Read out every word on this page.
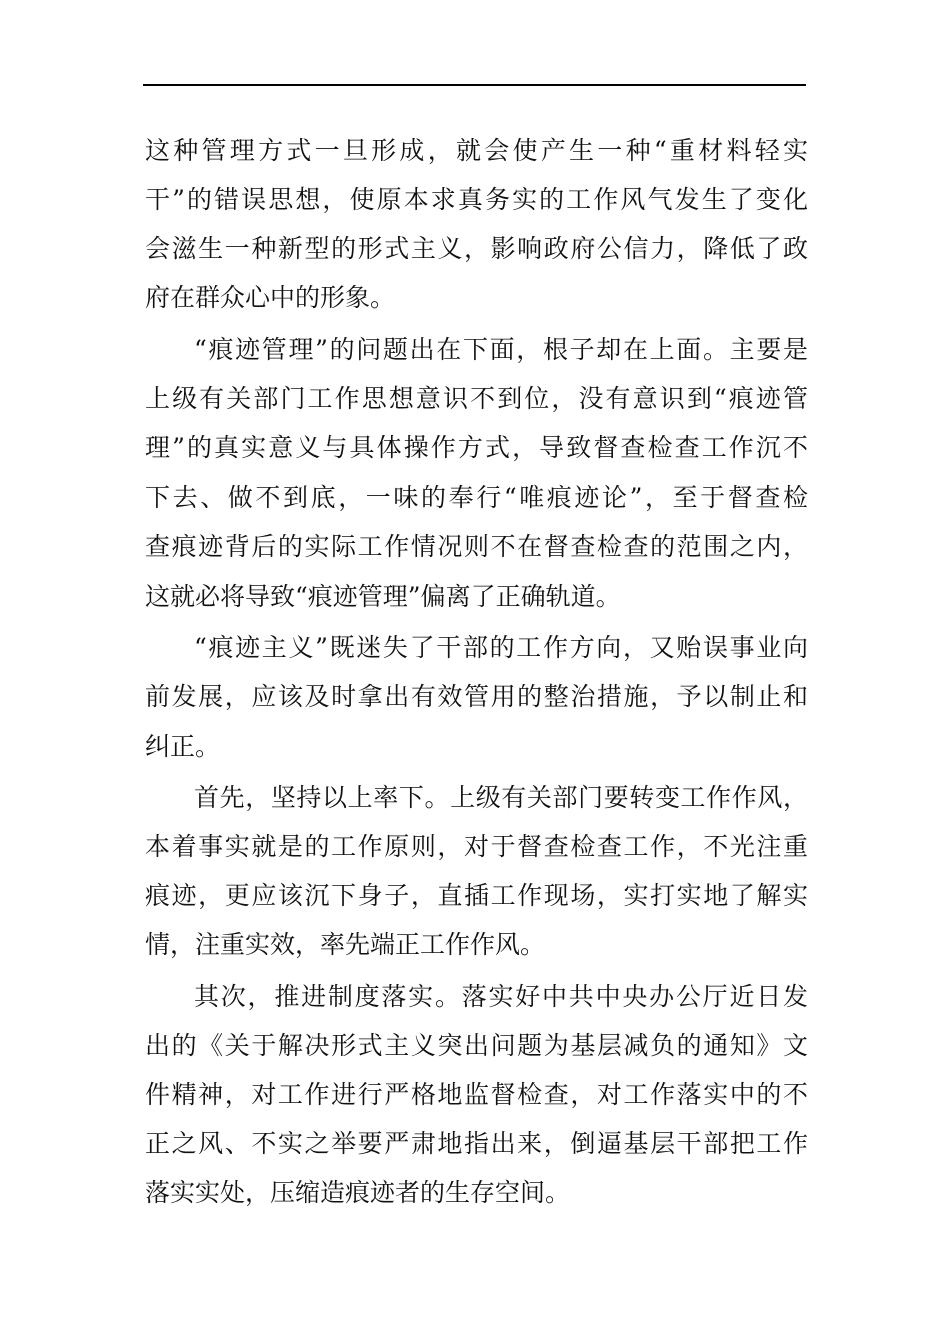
这种管理方式一旦形成，就会使产生一种“重材料轻实
干”的错误思想，使原本求真务实的工作风气发生了变化
会滋生一种新型的形式主义，影响政府公信力，降低了政
府在群众心中的形象。
“痕迹管理”的问题出在下面，根子却在上面。主要是
上级有关部门工作思想意识不到位，没有意识到“痕迹管
理”的真实意义与具体操作方式，导致督查检查工作沉不
下去、做不到底，一味的奉行“唯痕迹论”，至于督查检
查痕迹背后的实际工作情况则不在督查检查的范围之内，
这就必将导致“痕迹管理”偏离了正确轨道。
“痕迹主义”既迷失了干部的工作方向，又贻误事业向
前发展，应该及时拿出有效管用的整治措施，予以制止和
纠正。
首先，坚持以上率下。上级有关部门要转变工作作风，
本着事实就是的工作原则，对于督查检查工作，不光注重
痕迹，更应该沉下身子，直插工作现场，实打实地了解实
情，注重实效，率先端正工作作风。
其次，推进制度落实。落实好中共中央办公厅近日发
出的《关于解决形式主义突出问题为基层减负的通知》文
件精神，对工作进行严格地监督检查，对工作落实中的不
正之风、不实之举要严肃地指出来，倒逼基层干部把工作
落实实处，压缩造痕迹者的生存空间。
